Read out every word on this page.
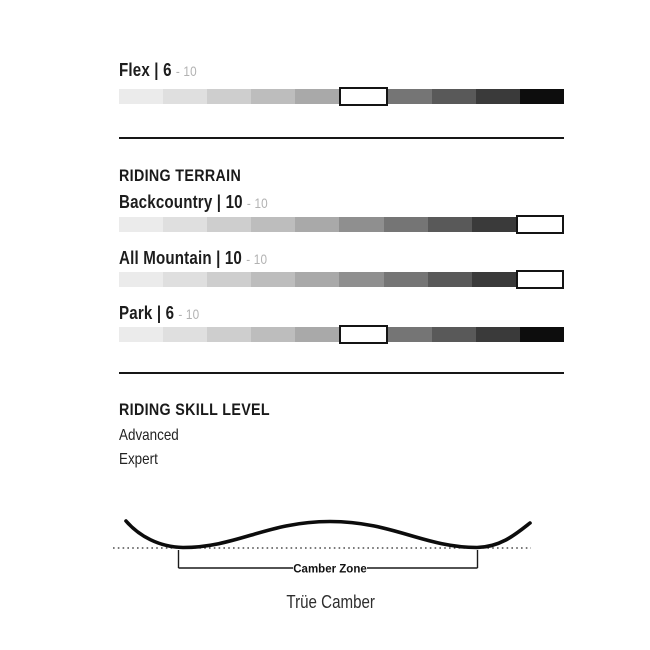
Flex | 6 - 10
RIDING TERRAIN
Backcountry | 10 - 10
All Mountain | 10 - 10
Park | 6 - 10
RIDING SKILL LEVEL
Advanced
Expert
Camber Zone
Trüe Camber
